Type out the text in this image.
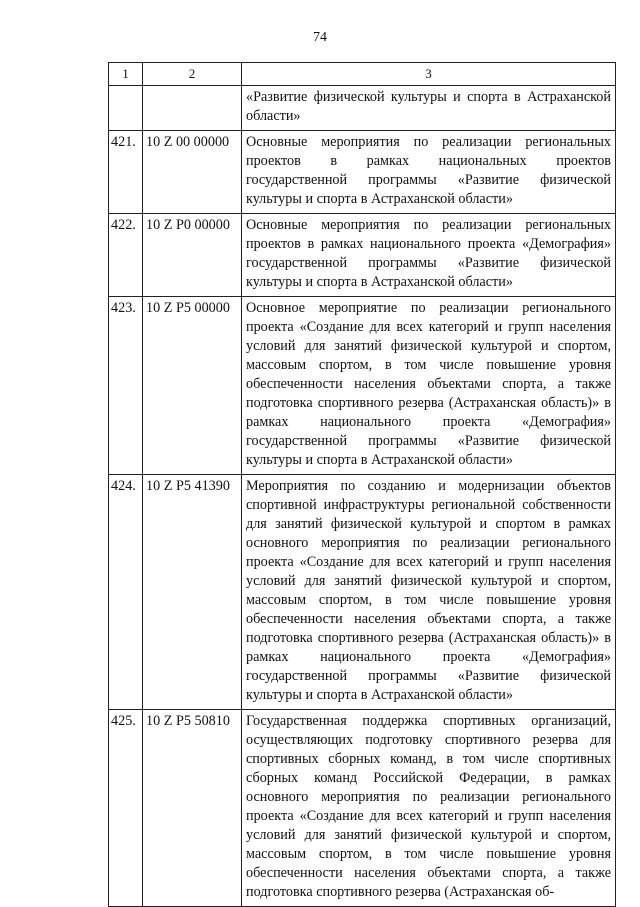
74
1	2	3
		«Развитие физической культуры и спорта в Астраханской области»
421.	10 Z 00 00000	Основные мероприятия по реализации региональных проектов в рамках национальных проектов государственной программы «Развитие физической культуры и спорта в Астраханской области»
422.	10 Z P0 00000	Основные мероприятия по реализации региональных проектов в рамках национального проекта «Демография» государственной программы «Развитие физической культуры и спорта в Астраханской области»
423.	10 Z P5 00000	Основное мероприятие по реализации регионального проекта «Создание для всех категорий и групп населения условий для занятий физической культурой и спортом, массовым спортом, в том числе повышение уровня обеспеченности населения объектами спорта, а также подготовка спортивного резерва (Астраханская область)» в рамках национального проекта «Демография» государственной программы «Развитие физической культуры и спорта в Астраханской области»
424.	10 Z P5 41390	Мероприятия по созданию и модернизации объектов спортивной инфраструктуры региональной собственности для занятий физической культурой и спортом в рамках основного мероприятия по реализации регионального проекта «Создание для всех категорий и групп населения условий для занятий физической культурой и спортом, массовым спортом, в том числе повышение уровня обеспеченности населения объектами спорта, а также подготовка спортивного резерва (Астраханская область)» в рамках национального проекта «Демография» государственной программы «Развитие физической культуры и спорта в Астраханской области»
425.	10 Z P5 50810	Государственная поддержка спортивных организаций, осуществляющих подготовку спортивного резерва для спортивных сборных команд, в том числе спортивных сборных команд Российской Федерации, в рамках основного мероприятия по реализации регионального проекта «Создание для всех категорий и групп населения условий для занятий физической культурой и спортом, массовым спортом, в том числе повышение уровня обеспеченности населения объектами спорта, а также подготовка спортивного резерва (Астраханская об-
